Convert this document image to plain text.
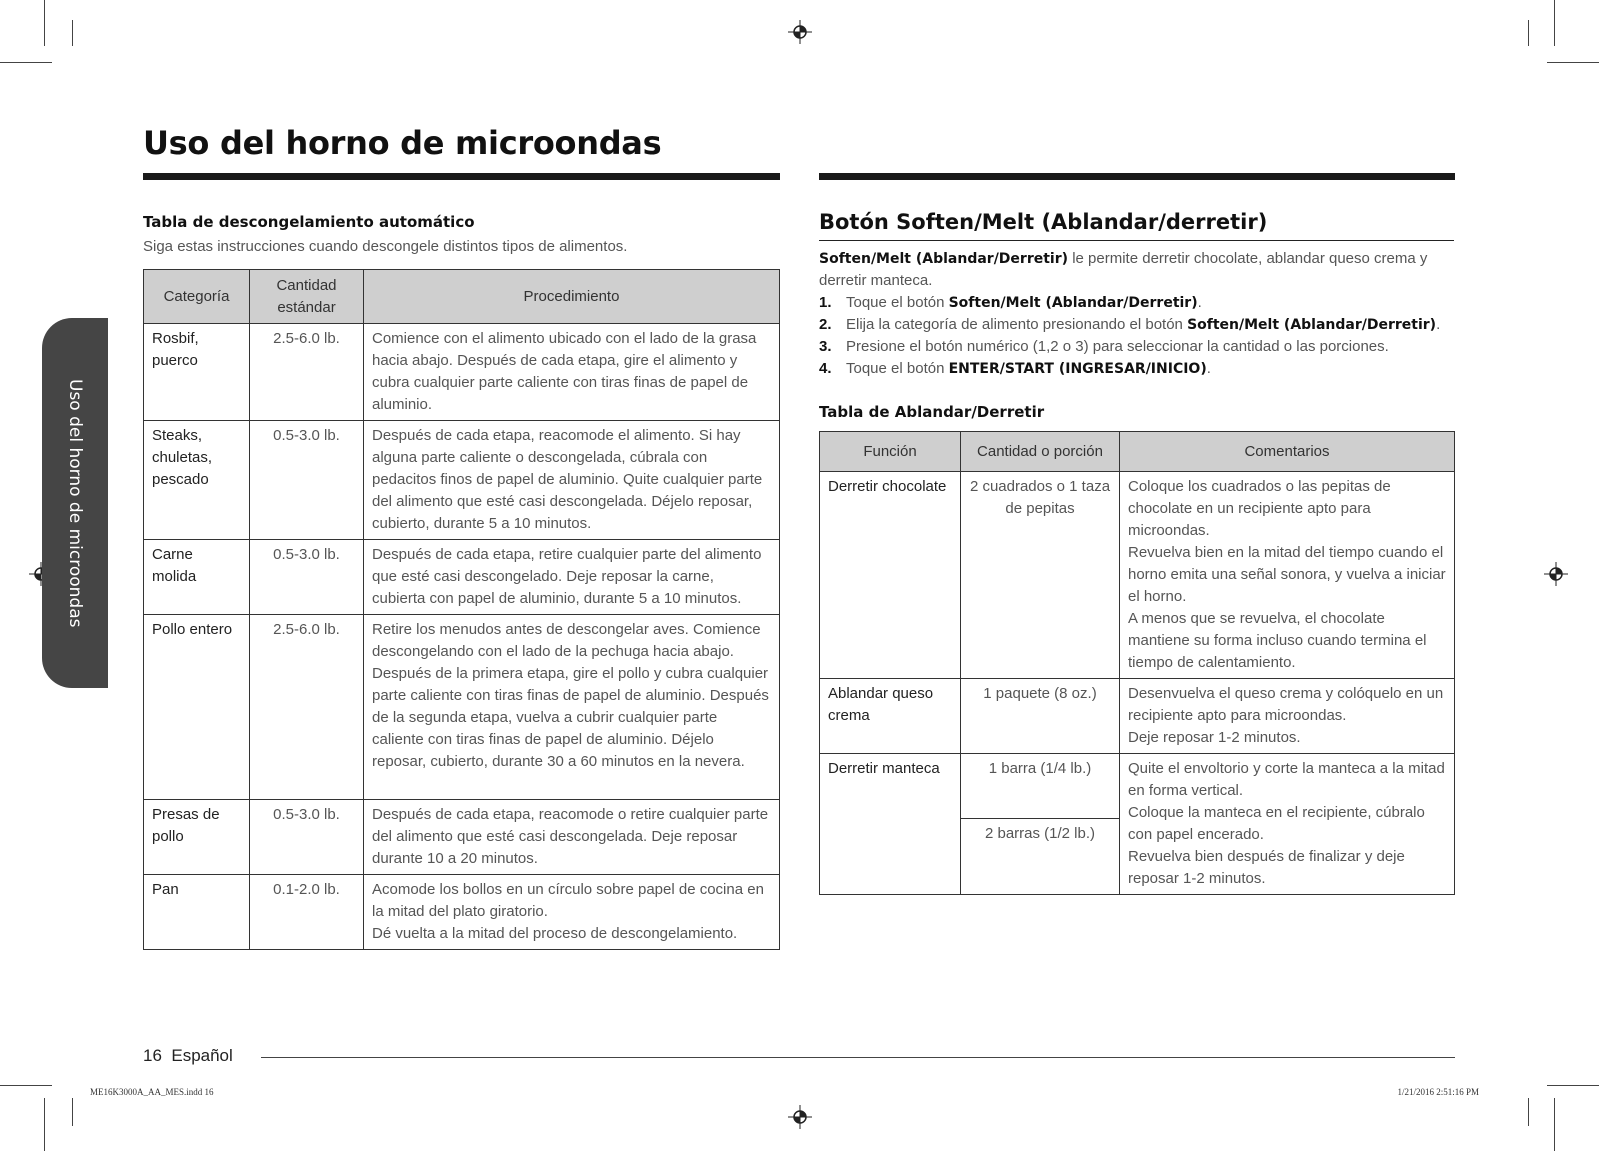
Uso del horno de microondas
Uso del horno de microondas
Tabla de descongelamiento automático
Siga estas instrucciones cuando descongele distintos tipos de alimentos.
Categoría	Cantidad estándar	Procedimiento
Rosbif, puerco	2.5-6.0 lb.	Comience con el alimento ubicado con el lado de la grasa hacia abajo. Después de cada etapa, gire el alimento y cubra cualquier parte caliente con tiras finas de papel de aluminio.
Steaks, chuletas, pescado	0.5-3.0 lb.	Después de cada etapa, reacomode el alimento. Si hay alguna parte caliente o descongelada, cúbrala con pedacitos finos de papel de aluminio. Quite cualquier parte del alimento que esté casi descongelada. Déjelo reposar, cubierto, durante 5 a 10 minutos.
Carne molida	0.5-3.0 lb.	Después de cada etapa, retire cualquier parte del alimento que esté casi descongelado. Deje reposar la carne, cubierta con papel de aluminio, durante 5 a 10 minutos.
Pollo entero	2.5-6.0 lb.	Retire los menudos antes de descongelar aves. Comience descongelando con el lado de la pechuga hacia abajo. Después de la primera etapa, gire el pollo y cubra cualquier parte caliente con tiras finas de papel de aluminio. Después de la segunda etapa, vuelva a cubrir cualquier parte caliente con tiras finas de papel de aluminio. Déjelo reposar, cubierto, durante 30 a 60 minutos en la nevera.
Presas de pollo	0.5-3.0 lb.	Después de cada etapa, reacomode o retire cualquier parte del alimento que esté casi descongelada. Deje reposar durante 10 a 20 minutos.
Pan	0.1-2.0 lb.	Acomode los bollos en un círculo sobre papel de cocina en la mitad del plato giratorio.
Dé vuelta a la mitad del proceso de descongelamiento.
Botón Soften/Melt (Ablandar/derretir)
Soften/Melt (Ablandar/Derretir) le permite derretir chocolate, ablandar queso crema y derretir manteca.
1. Toque el botón Soften/Melt (Ablandar/Derretir).
2. Elija la categoría de alimento presionando el botón Soften/Melt (Ablandar/Derretir).
3. Presione el botón numérico (1,2 o 3) para seleccionar la cantidad o las porciones.
4. Toque el botón ENTER/START (INGRESAR/INICIO).
Tabla de Ablandar/Derretir
Función	Cantidad o porción	Comentarios
Derretir chocolate	2 cuadrados o 1 taza de pepitas	Coloque los cuadrados o las pepitas de chocolate en un recipiente apto para microondas.
Revuelva bien en la mitad del tiempo cuando el horno emita una señal sonora, y vuelva a iniciar el horno.
A menos que se revuelva, el chocolate mantiene su forma incluso cuando termina el tiempo de calentamiento.

Ablandar queso crema	1 paquete (8 oz.)	Desenvuelva el queso crema y colóquelo en un recipiente apto para microondas.
Deje reposar 1-2 minutos.

Derretir manteca	1 barra (1/4 lb.)	Quite el envoltorio y corte la manteca a la mitad en forma vertical.
Coloque la manteca en el recipiente, cúbralo con papel encerado.
Revuelva bien después de finalizar y deje reposar 1-2 minutos.

	2 barras (1/2 lb.)	
16  Español
ME16K3000A_AA_MES.indd 16	1/21/2016 2:51:16 PM
